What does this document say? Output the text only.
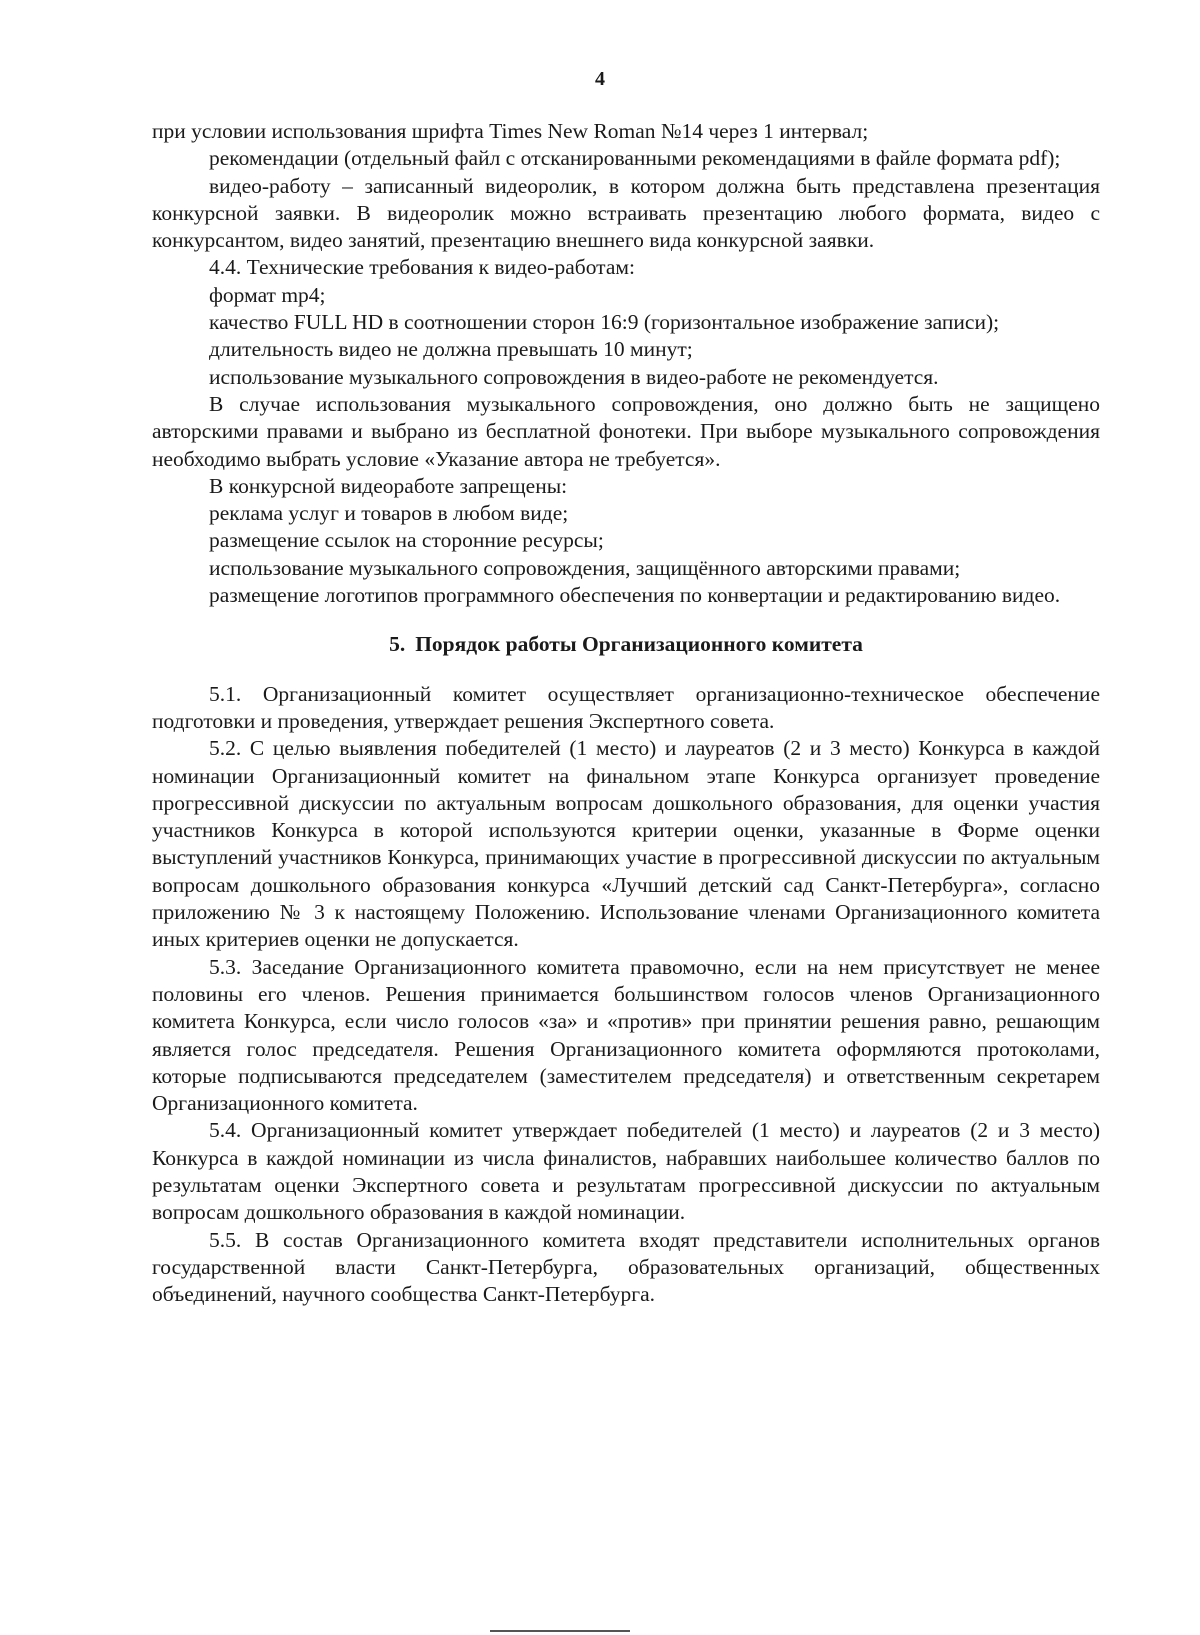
4

при условии использования шрифта Times New Roman №14 через 1 интервал;

рекомендации (отдельный файл с отсканированными рекомендациями в файле формата pdf);

видео-работу – записанный видеоролик, в котором должна быть представлена презентация конкурсной заявки. В видеоролик можно встраивать презентацию любого формата, видео с конкурсантом, видео занятий, презентацию внешнего вида конкурсной заявки.

4.4. Технические требования к видео-работам:

формат mp4;

качество FULL HD в соотношении сторон 16:9 (горизонтальное изображение записи);

длительность видео не должна превышать 10 минут;

использование музыкального сопровождения в видео-работе не рекомендуется.

В случае использования музыкального сопровождения, оно должно быть не защищено авторскими правами и выбрано из бесплатной фонотеки. При выборе музыкального сопровождения необходимо выбрать условие «Указание автора не требуется».

В конкурсной видеоработе запрещены:

реклама услуг и товаров в любом виде;

размещение ссылок на сторонние ресурсы;

использование музыкального сопровождения, защищённого авторскими правами;

размещение логотипов программного обеспечения по конвертации и редактированию видео.

5. Порядок работы Организационного комитета

5.1. Организационный комитет осуществляет организационно-техническое обеспечение подготовки и проведения, утверждает решения Экспертного совета.

5.2. С целью выявления победителей (1 место) и лауреатов (2 и 3 место) Конкурса в каждой номинации Организационный комитет на финальном этапе Конкурса организует проведение прогрессивной дискуссии по актуальным вопросам дошкольного образования, для оценки участия участников Конкурса в которой используются критерии оценки, указанные в Форме оценки выступлений участников Конкурса, принимающих участие в прогрессивной дискуссии по актуальным вопросам дошкольного образования конкурса «Лучший детский сад Санкт-Петербурга», согласно приложению № 3 к настоящему Положению. Использование членами Организационного комитета иных критериев оценки не допускается.

5.3. Заседание Организационного комитета правомочно, если на нем присутствует не менее половины его членов. Решения принимается большинством голосов членов Организационного комитета Конкурса, если число голосов «за» и «против» при принятии решения равно, решающим является голос председателя. Решения Организационного комитета оформляются протоколами, которые подписываются председателем (заместителем председателя) и ответственным секретарем Организационного комитета.

5.4. Организационный комитет утверждает победителей (1 место) и лауреатов (2 и 3 место) Конкурса в каждой номинации из числа финалистов, набравших наибольшее количество баллов по результатам оценки Экспертного совета и результатам прогрессивной дискуссии по актуальным вопросам дошкольного образования в каждой номинации.

5.5. В состав Организационного комитета входят представители исполнительных органов государственной власти Санкт-Петербурга, образовательных организаций, общественных объединений, научного сообщества Санкт-Петербурга.
